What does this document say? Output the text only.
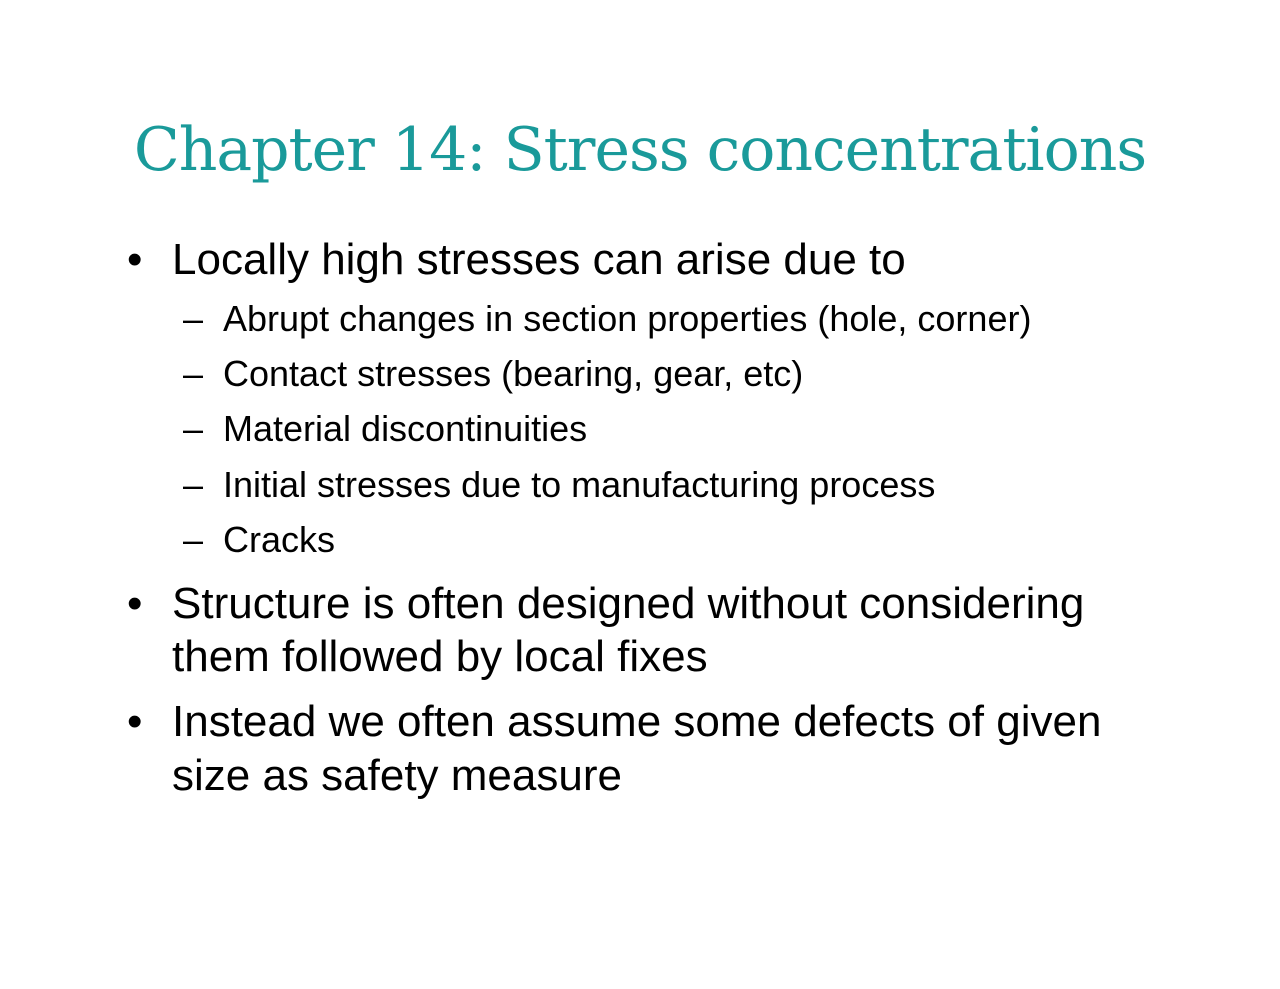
Chapter 14: Stress concentrations
• Locally high stresses can arise due to
– Abrupt changes in section properties (hole, corner)
– Contact stresses (bearing, gear, etc)
– Material discontinuities
– Initial stresses due to manufacturing process
– Cracks
• Structure is often designed without considering
them followed by local fixes
• Instead we often assume some defects of given
size as safety measure
